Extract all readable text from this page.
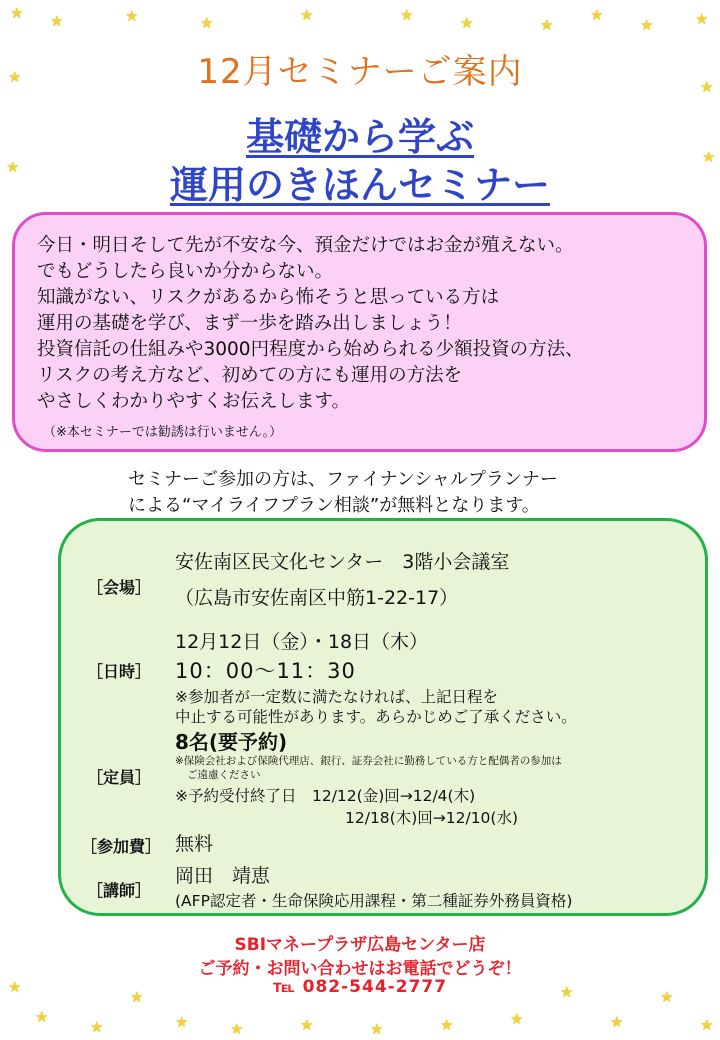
★ ★	★	★	★	★	★	★
★
★	★
★
★
★
★
★
★
★
★
★	★	★	★	★	★
★
★
★
★
12月セミナーご案内
基礎から学ぶ
運用のきほんセミナー
今日・明日そして先が不安な今、預金だけではお金が殖えない。
でもどうしたら良いか分からない。
知識がない、リスクがあるから怖そうと思っている方は
運用の基礎を学び、まず一歩を踏み出しましょう！
投資信託の仕組みや3000円程度から始められる少額投資の方法、
リスクの考え方など、初めての方にも運用の方法を
やさしくわかりやすくお伝えします。
（※本セミナーでは勧誘は行いません。）
セミナーご参加の方は、ファイナンシャルプランナー
による“マイライフプラン相談”が無料となります。
［会場］
安佐南区民文化センター　3階小会議室
（広島市安佐南区中筋1-22-17）
［日時］
12月12日（金）・18日（木）
10：00～11：30
※参加者が一定数に満たなければ、上記日程を
中止する可能性があります。あらかじめご了承ください。
［定員］
8名(要予約)
※保険会社および保険代理店、銀行、証券会社に勤務している方と配偶者の参加は
ご遠慮ください
※予約受付終了日　12/12(金)回→12/4(木)
12/18(木)回→12/10(水)
［参加費］ 無料
［講師］
岡田　靖恵
(AFP認定者・生命保険応用課程・第二種証券外務員資格)
SBIマネープラザ広島センター店
ご予約・お問い合わせはお電話でどうぞ！
℡ 082-544-2777
